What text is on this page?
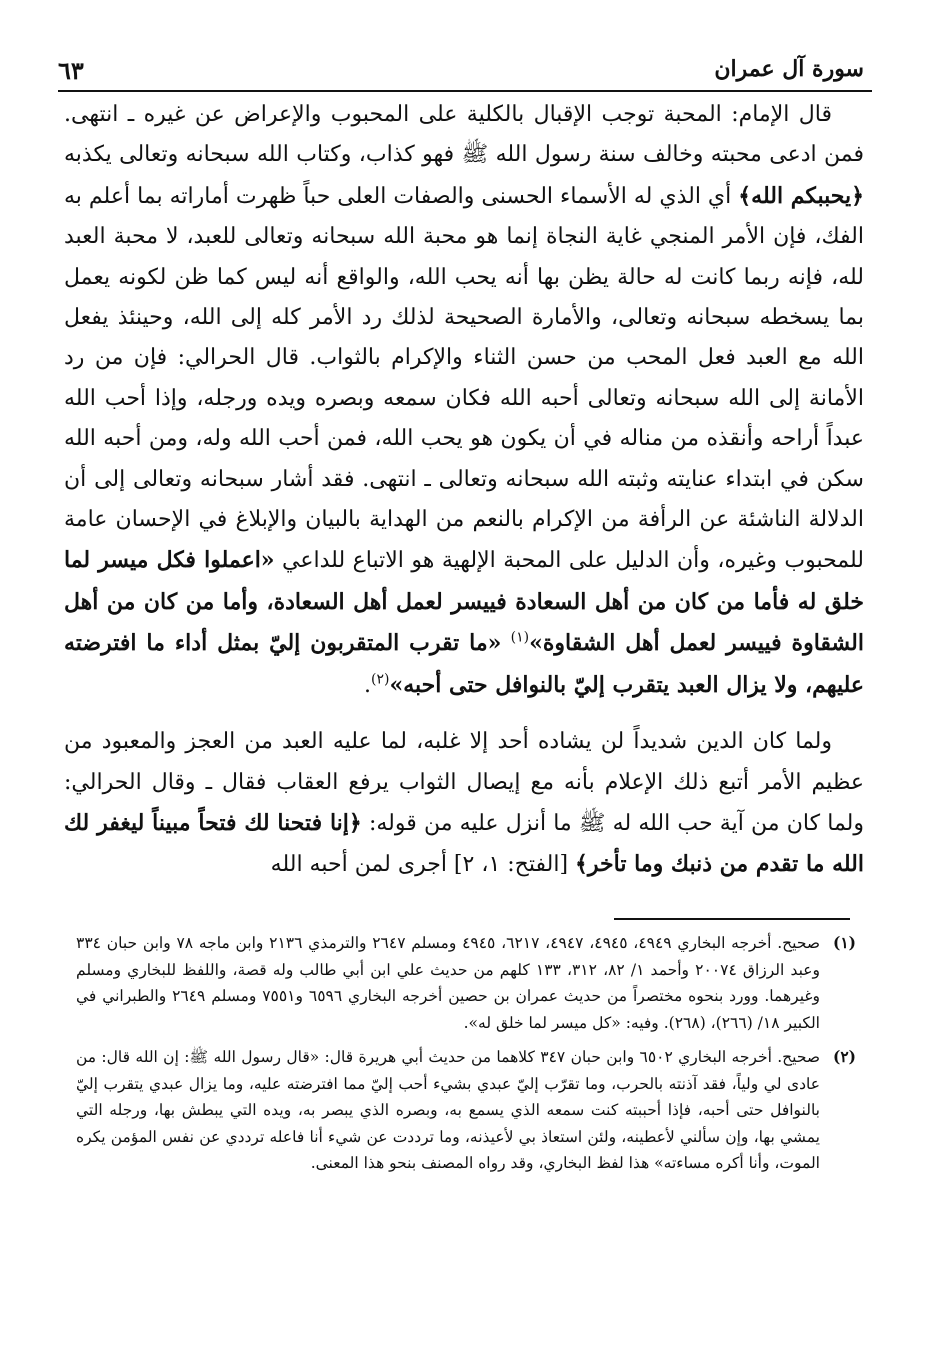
٦٣	سورة آل عمران

قال الإمام: المحبة توجب الإقبال بالكلية على المحبوب والإعراض عن غيره ـ انتهى. فمن ادعى محبته وخالف سنة رسول الله ﷺ فهو كذاب، وكتاب الله سبحانه وتعالى يكذبه ﴿يحببكم الله﴾ أي الذي له الأسماء الحسنى والصفات العلى حباً ظهرت أماراته بما أعلم به الفك، فإن الأمر المنجي غاية النجاة إنما هو محبة الله سبحانه وتعالى للعبد، لا محبة العبد لله، فإنه ربما كانت له حالة يظن بها أنه يحب الله، والواقع أنه ليس كما ظن لكونه يعمل بما يسخطه سبحانه وتعالى، والأمارة الصحيحة لذلك رد الأمر كله إلى الله، وحينئذ يفعل الله مع العبد فعل المحب من حسن الثناء والإكرام بالثواب. قال الحرالي: فإن من رد الأمانة إلى الله سبحانه وتعالى أحبه الله فكان سمعه وبصره ويده ورجله، وإذا أحب الله عبداً أراحه وأنقذه من مناله في أن يكون هو يحب الله، فمن أحب الله وله، ومن أحبه الله سكن في ابتداء عنايته وثبته الله سبحانه وتعالى ـ انتهى. فقد أشار سبحانه وتعالى إلى أن الدلالة الناشئة عن الرأفة من الإكرام بالنعم من الهداية بالبيان والإبلاغ في الإحسان عامة للمحبوب وغيره، وأن الدليل على المحبة الإلهية هو الاتباع للداعي «اعملوا فكل ميسر لما خلق له فأما من كان من أهل السعادة فييسر لعمل أهل السعادة، وأما من كان من أهل الشقاوة فييسر لعمل أهل الشقاوة»$^{(١)}$ «ما تقرب المتقربون إليّ بمثل أداء ما افترضته عليهم، ولا يزال العبد يتقرب إليّ بالنوافل حتى أحبه»$^{(٢)}$.

ولما كان الدين شديداً لن يشاده أحد إلا غلبه، لما عليه العبد من العجز والمعبود من عظيم الأمر أتبع ذلك الإعلام بأنه مع إيصال الثواب يرفع العقاب فقال ـ وقال الحرالي: ولما كان من آية حب الله له ﷺ ما أنزل عليه من قوله: ﴿إنا فتحنا لك فتحاً مبيناً ليغفر لك الله ما تقدم من ذنبك وما تأخر﴾ [الفتح: ١، ٢] أجرى لمن أحبه الله

(١)
صحيح. أخرجه البخاري ٤٩٤٩، ٤٩٤٥، ٤٩٤٧، ٦٢١٧، ٤٩٤٥ ومسلم ٢٦٤٧ والترمذي ٢١٣٦ وابن ماجه ٧٨ وابن حبان ٣٣٤ وعبد الرزاق ٢٠٠٧٤ وأحمد ١/ ٨٢، ٣١٢، ١٣٣ كلهم من حديث علي ابن أبي طالب وله قصة، واللفظ للبخاري ومسلم وغيرهما. وورد بنحوه مختصراً من حديث عمران بن حصين أخرجه البخاري ٦٥٩٦ و٧٥٥١ ومسلم ٢٦٤٩ والطبراني في الكبير ١٨/ (٢٦٦)، (٢٦٨). وفيه: «كل ميسر لما خلق له».
(٢)
صحيح. أخرجه البخاري ٦٥٠٢ وابن حبان ٣٤٧ كلاهما من حديث أبي هريرة قال: «قال رسول الله ﷺ: إن الله قال: من عادى لي ولياً، فقد آذنته بالحرب، وما تقرّب إليّ عبدي بشيء أحب إليّ مما افترضته عليه، وما يزال عبدي يتقرب إليّ بالنوافل حتى أحبه، فإذا أحببته كنت سمعه الذي يسمع به، وبصره الذي يبصر به، ويده التي يبطش بها، ورجله التي يمشي بها، وإن سألني لأعطينه، ولئن استعاذ بي لأعيذنه، وما ترددت عن شيء أنا فاعله ترددي عن نفس المؤمن يكره الموت، وأنا أكره مساءته» هذا لفظ البخاري، وقد رواه المصنف بنحو هذا المعنى.
